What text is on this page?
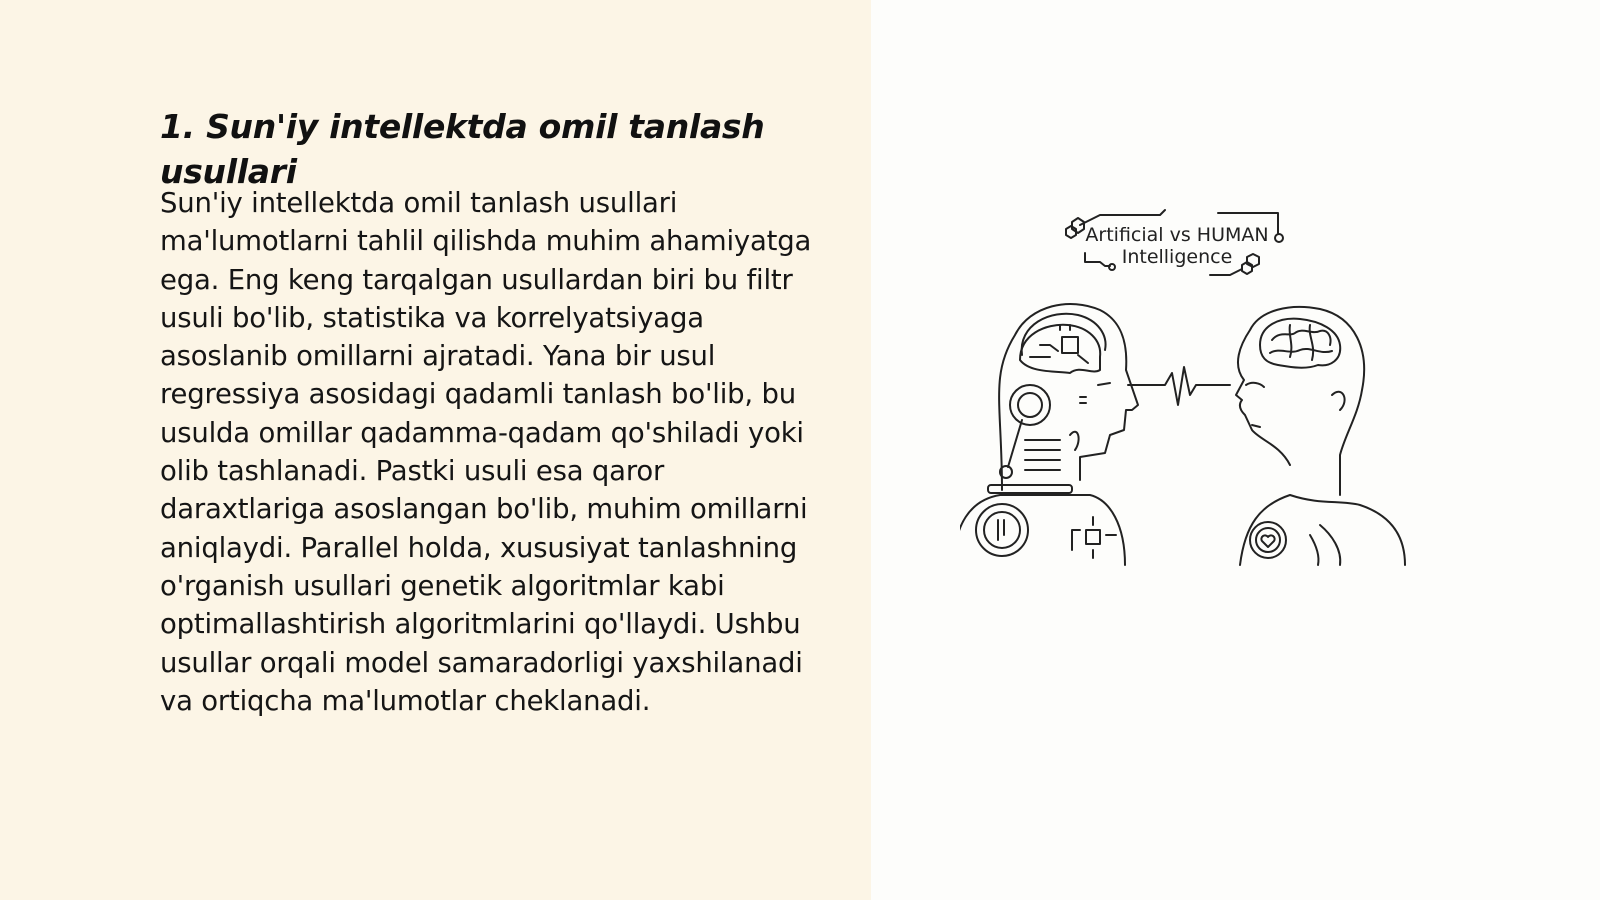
1. Sun'iy intellektda omil tanlash usullari

Sun'iy intellektda omil tanlash usullari ma'lumotlarni tahlil qilishda muhim ahamiyatga ega. Eng keng tarqalgan usullardan biri bu filtr usuli bo'lib, statistika va korrelyatsiyaga asoslanib omillarni ajratadi. Yana bir usul regressiya asosidagi qadamli tanlash bo'lib, bu usulda omillar qadamma-qadam qo'shiladi yoki olib tashlanadi. Pastki usuli esa qaror daraxtlariga asoslangan bo'lib, muhim omillarni aniqlaydi. Parallel holda, xususiyat tanlashning o'rganish usullari genetik algoritmlar kabi optimallashtirish algoritmlarini qo'llaydi. Ushbu usullar orqali model samaradorligi yaxshilanadi va ortiqcha ma'lumotlar cheklanadi.

Artificial vs HUMAN
Intelligence
